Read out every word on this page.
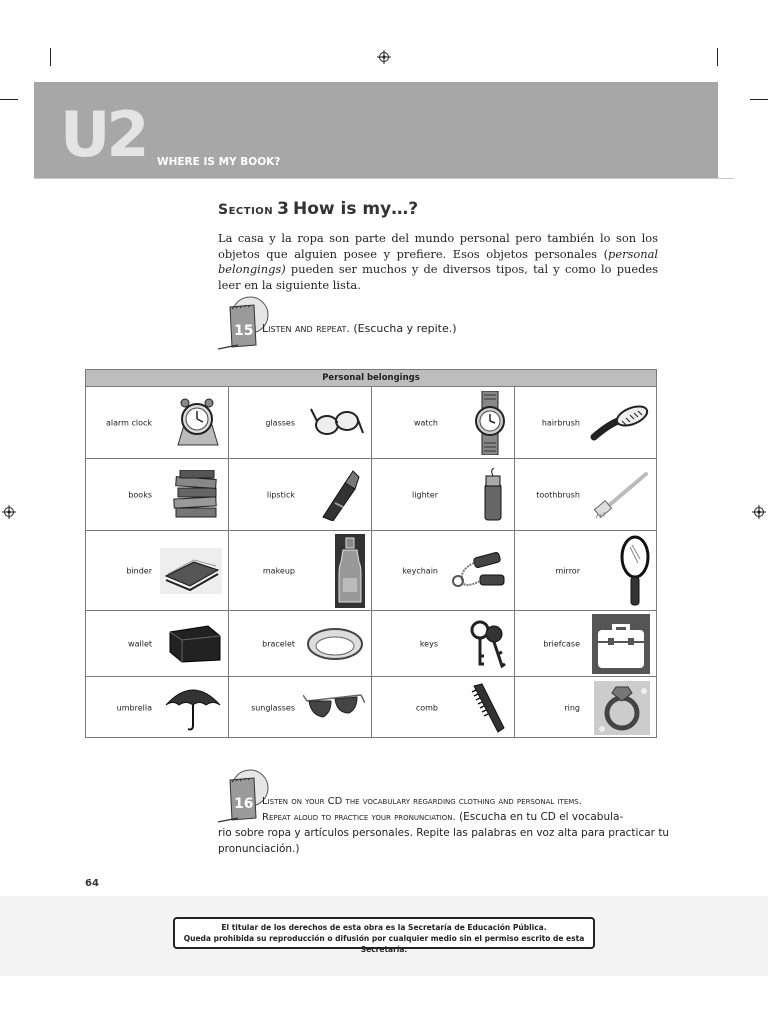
U2 WHERE IS MY BOOK?
Section 3 How is my…?
La casa y la ropa son parte del mundo personal pero también lo son los objetos que alguien posee y prefiere. Esos objetos personales (personal belongings) pueden ser muchos y de diversos tipos, tal y como lo puedes leer en la siguiente lista.
15 Listen and repeat. (Escucha y repite.)
Personal belongings
alarm clock	glasses	watch	hairbrush
books	lipstick	lighter	toothbrush
binder	makeup	keychain	mirror
wallet	bracelet	keys	briefcase
umbrella	sunglasses	comb	ring
16 Listen on your CD the vocabulary regarding clothing and personal items.
Repeat aloud to practice your pronunciation. (Escucha en tu CD el vocabula-
rio sobre ropa y artículos personales. Repite las palabras en voz alta para practicar tu
pronunciación.)
64
El titular de los derechos de esta obra es la Secretaría de Educación Pública.
Queda prohibida su reproducción o difusión por cualquier medio sin el permiso escrito de esta Secretaría.
